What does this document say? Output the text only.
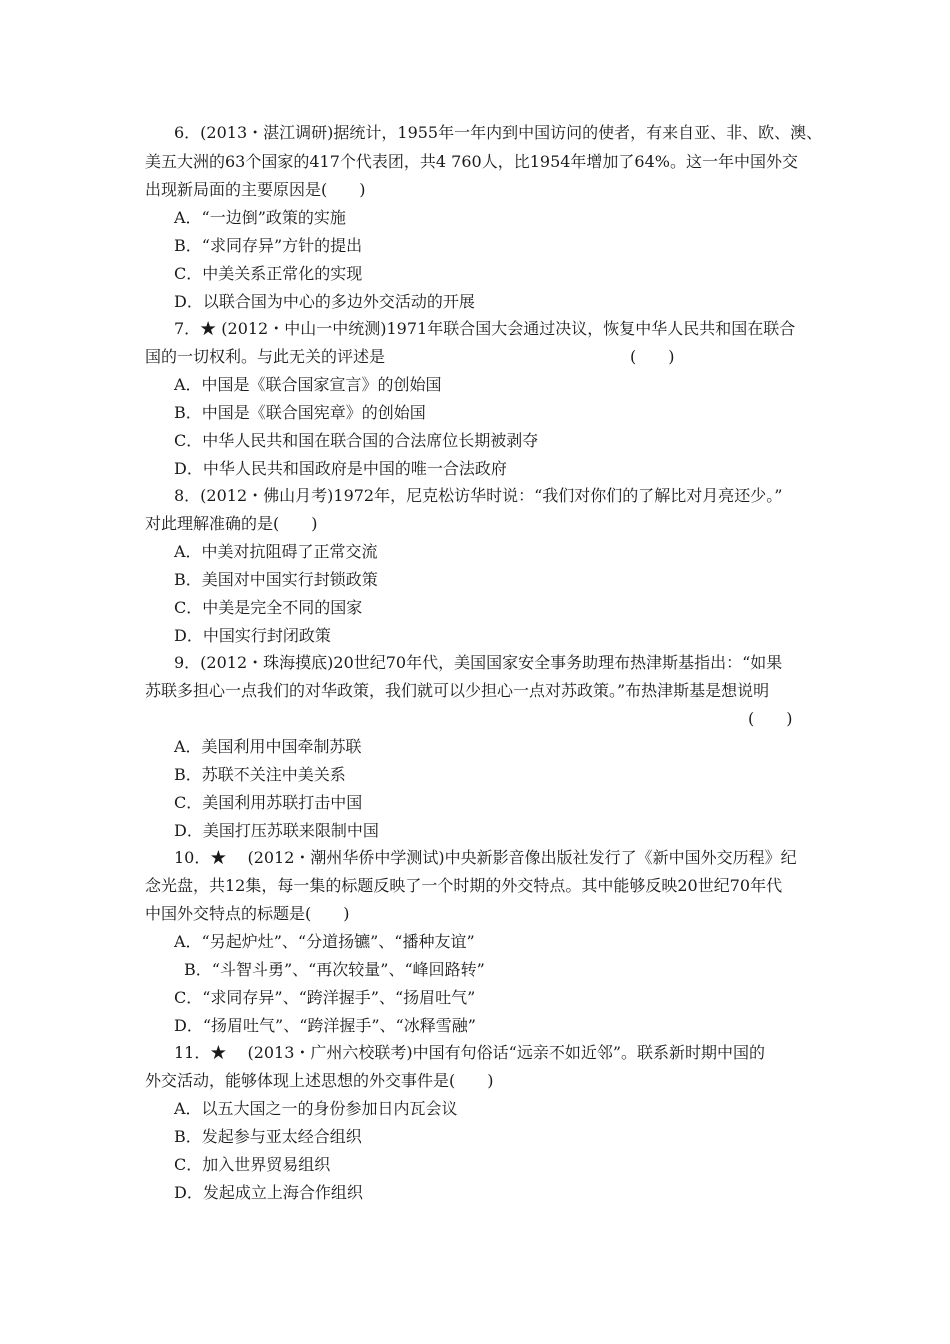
6．(2013・湛江调研)据统计，1955年一年内到中国访问的使者，有来自亚、非、欧、澳、
美五大洲的63个国家的417个代表团，共4 760人，比1954年增加了64%。这一年中国外交
出现新局面的主要原因是(　　)
A．“一边倒”政策的实施
B．“求同存异”方针的提出
C．中美关系正常化的实现
D．以联合国为中心的多边外交活动的开展
7．★ (2012・中山一中统测)1971年联合国大会通过决议，恢复中华人民共和国在联合
国的一切权利。与此无关的评述是	(　　)
A．中国是《联合国家宣言》的创始国
B．中国是《联合国宪章》的创始国
C．中华人民共和国在联合国的合法席位长期被剥夺
D．中华人民共和国政府是中国的唯一合法政府
8．(2012・佛山月考)1972年，尼克松访华时说：“我们对你们的了解比对月亮还少。”
对此理解准确的是(　　)
A．中美对抗阻碍了正常交流
B．美国对中国实行封锁政策
C．中美是完全不同的国家
D．中国实行封闭政策
9．(2012・珠海摸底)20世纪70年代，美国国家安全事务助理布热津斯基指出：“如果
苏联多担心一点我们的对华政策，我们就可以少担心一点对苏政策。”布热津斯基是想说明
(　　)
A．美国利用中国牵制苏联
B．苏联不关注中美关系
C．美国利用苏联打击中国
D．美国打压苏联来限制中国
10．★　 (2012・潮州华侨中学测试)中央新影音像出版社发行了《新中国外交历程》纪
念光盘，共12集，每一集的标题反映了一个时期的外交特点。其中能够反映20世纪70年代
中国外交特点的标题是(　　)
A．“另起炉灶”、“分道扬镳”、“播种友谊”
B．“斗智斗勇”、“再次较量”、“峰回路转”
C．“求同存异”、“跨洋握手”、“扬眉吐气”
D．“扬眉吐气”、“跨洋握手”、“冰释雪融”
11．★　 (2013・广州六校联考)中国有句俗话“远亲不如近邻”。联系新时期中国的
外交活动，能够体现上述思想的外交事件是(　　)
A．以五大国之一的身份参加日内瓦会议
B．发起参与亚太经合组织
C．加入世界贸易组织
D．发起成立上海合作组织
